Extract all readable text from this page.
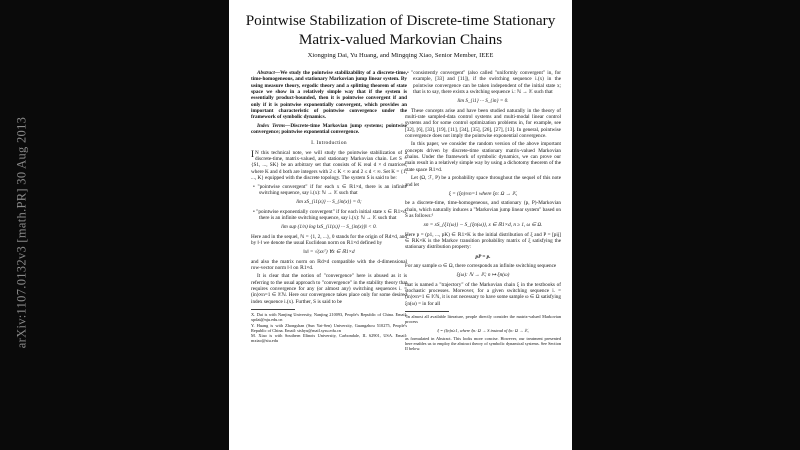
arXiv:1107.0132v3 [math.PR] 30 Aug 2013
Pointwise Stabilization of Discrete-time Stationary
Matrix-valued Markovian Chains
Xiongping Dai, Yu Huang, and Mingqing Xiao, Senior Member, IEEE

Abstract—We study the pointwise stabilizability of a discrete-time, time-homogeneous, and stationary Markovian jump linear system. By using measure theory, ergodic theory and a splitting theorem of state space we show in a relatively simple way that if the system is essentially product-bounded, then it is pointwise convergent if and only if it is pointwise exponentially convergent, which provides an important characteristic of pointwise convergence under the framework of symbolic dynamics.

Index Terms—Discrete-time Markovian jump systems; pointwise convergence; pointwise exponential convergence.

I. Introduction

I N this technical note, we will study the pointwise stabilization of a discrete-time, matrix-valued, and stationary Markovian chain. Let S = {S1, ..., SK} be an arbitrary set that consists of K real d × d matrices, where K and d both are integers with 2 ≤ K < ∞ and 2 ≤ d < ∞. Set K = {1, ..., K} equipped with the discrete topology. The system S is said to be:

• "pointwise convergent" if for each x ∈ ℝ1×d, there is an infinite switching sequence, say i.(x): ℕ → 𝕂 such that

lim xS_{i1(x)} ··· S_{in(x)} = 0;

• "pointwise exponentially convergent" if for each initial state x ∈ ℝ1×d, there is an infinite switching sequence, say i.(x): ℕ → 𝕂 such that

lim sup (1/n) log ‖xS_{i1(x)} ··· S_{in(x)}‖ < 0.

Here and in the sequel, ℕ = {1, 2, ...}, 0 stands for the origin of ℝd×d, and by ‖·‖ we denote the usual Euclidean norm on ℝ1×d defined by

‖x‖ = √(xxᵀ) ∀x ∈ ℝ1×d

and also the matrix norm on ℝd×d compatible with the d-dimensional row-vector norm ‖·‖ on ℝ1×d.

It is clear that the notion of "convergence" here is abused as it is referring to the usual approach to "convergence" in the stability theory that requires convergence for any (or almost any) switching sequences i. = (in)∞n=1 ∈ 𝕂ℕ. Here our convergence takes place only for some desired index sequence i.(x). Further, S is said to be

X. Dai is with Nanjing University, Nanjing 210093, People's Republic of China. Email: xpdai@nju.edu.cn
Y. Huang is with Zhongshan (Sun Yat-Sen) University, Guangzhou 510275, People's Republic of China. Email: stshyu@mail.sysu.edu.cn
M. Xiao is with Southern Illinois University, Carbondale, IL 62901, USA. Email: mxiao@siu.edu

• "consistently convergent" (also called "uniformly convergent" in, for example, [33] and [11]), if the switching sequence i.(x) in the pointwise convergence can be taken independent of the initial state x; that is to say, there exists a switching sequence i.: ℕ → 𝕂 such that

lim S_{i1} ··· S_{in} = 0.

These concepts arise and have been studied naturally in the theory of multi-rate sampled-data control systems and multi-modal linear control systems and for some control optimization problems in, for example, see [32], [6], [33], [19], [11], [34], [35], [26], [27], [13]. In general, pointwise convergence does not imply the pointwise exponential convergence.

In this paper, we consider the random version of the above important concepts driven by discrete-time stationary matrix-valued Markovian chains. Under the framework of symbolic dynamics, we can prove our main result in a relatively simple way by using a dichotomy theorem of the state space ℝ1×d.

Let (Ω, ℱ, P) be a probability space throughout the sequel of this note and let

ξ = (ξn)∞n=1 where ξn: Ω → 𝕂,

be a discrete-time, time-homogeneous, and stationary (p, P)-Markovian chain, which naturally induces a "Markovian jump linear system" based on S as follows:¹

xn = xS_{ξ1(ω)} ··· S_{ξn(ω)}, x ∈ ℝ1×d, n ≥ 1, ω ∈ Ω.

Here p = (p1, ..., pK) ∈ ℝ1×K is the initial distribution of ξ and P = [pij] ∈ ℝK×K is the Markov transition probability matrix of ξ satisfying the stationary distribution property:

pP = p.

For any sample ω ∈ Ω, there corresponds an infinite switching sequence

ξ(ω): ℕ → 𝕂; n ↦ ξn(ω)

that is named a "trajectory" of the Markovian chain ξ in the textbooks of stochastic processes. Moreover, for a given switching sequence i. = (in)∞n=1 ∈ 𝕂ℕ, it is not necessary to have some sample ω ∈ Ω satisfying ξn(ω) = in for all

¹In almost all available literature, people directly consider the matrix-valued Markovian process
ξ = (ξn)n≥1, where ξn: Ω → S instead of ξn: Ω → 𝕂,
as formulated in Abstract. This looks more concise. However, our treatment presented here enables us to employ the abstract theory of symbolic dynamical systems. See Section II below.
